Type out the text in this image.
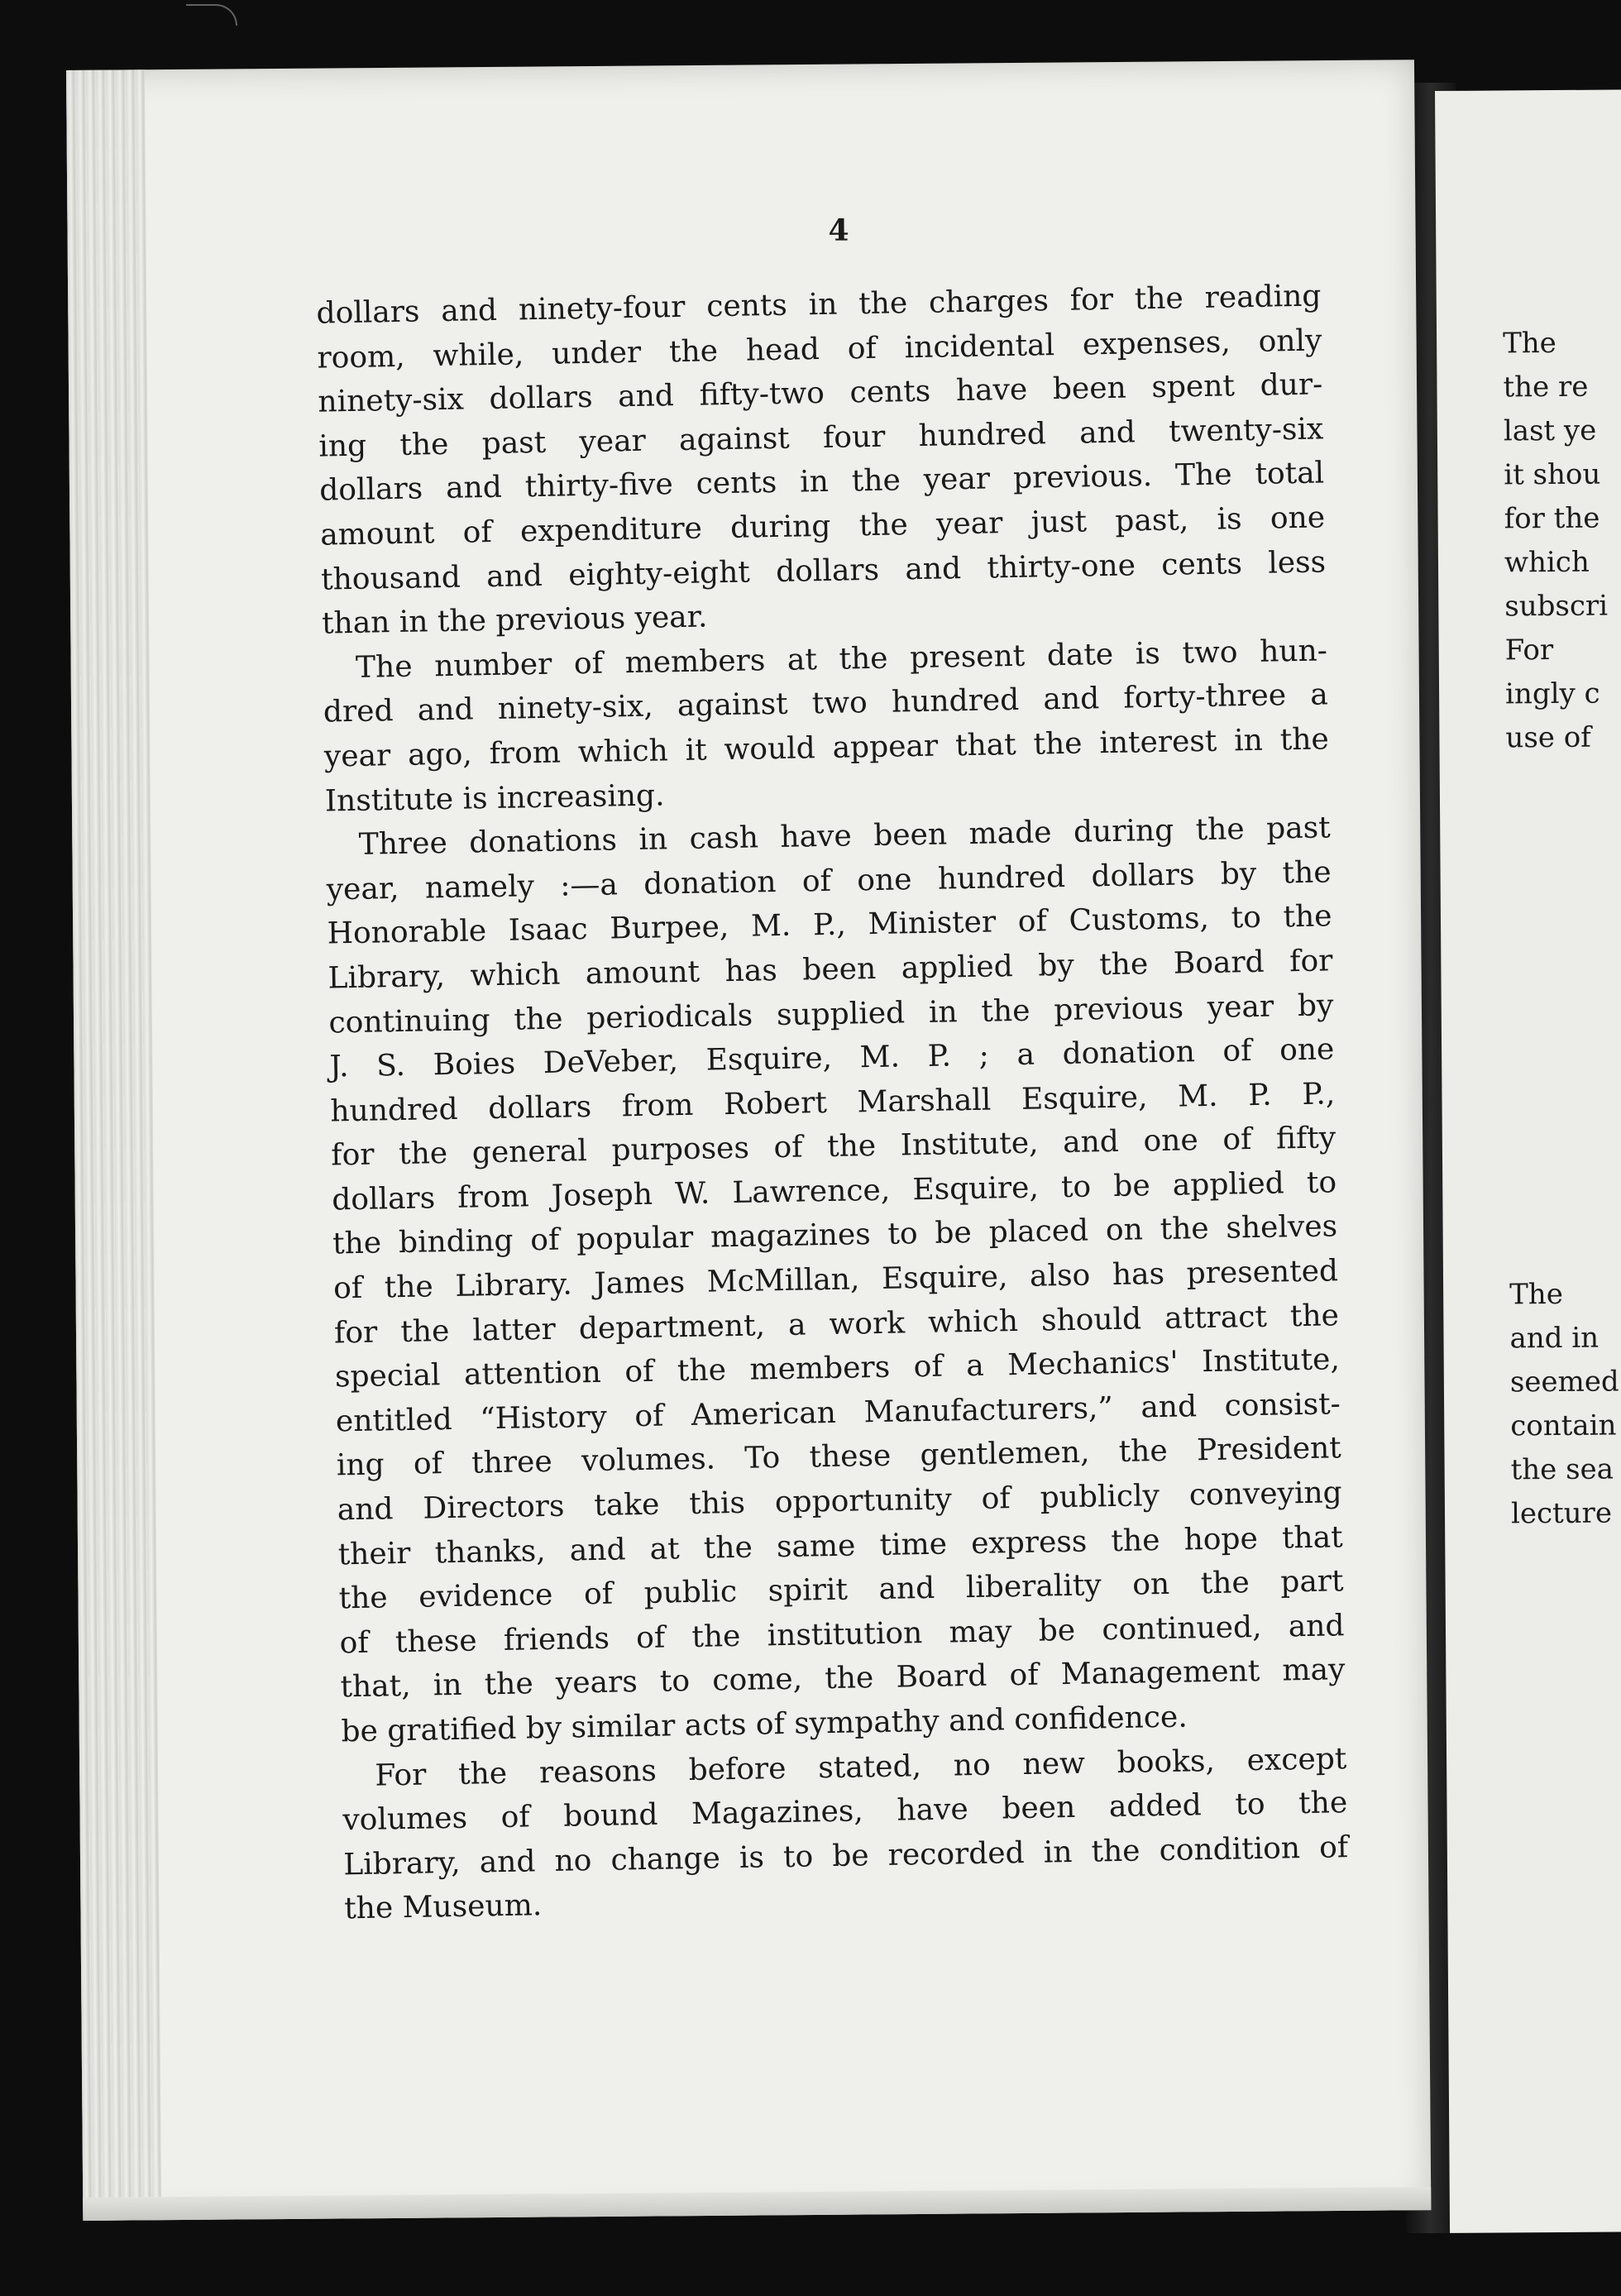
The
the re
last ye
it shou
for the
which
subscri
For
ingly c
use of
The
and in
seemed
contain
the sea
lecture
4
dollars and ninety-four cents in the charges for the reading
room, while, under the head of incidental expenses, only
ninety-six dollars and fifty-two cents have been spent dur-
ing the past year against four hundred and twenty-six
dollars and thirty-five cents in the year previous. The total
amount of expenditure during the year just past, is one
thousand and eighty-eight dollars and thirty-one cents less
than in the previous year.
The number of members at the present date is two hun-
dred and ninety-six, against two hundred and forty-three a
year ago, from which it would appear that the interest in the
Institute is increasing.
Three donations in cash have been made during the past
year, namely :—a donation of one hundred dollars by the
Honorable Isaac Burpee, M. P., Minister of Customs, to the
Library, which amount has been applied by the Board for
continuing the periodicals supplied in the previous year by
J. S. Boies DeVeber, Esquire, M. P. ; a donation of one
hundred dollars from Robert Marshall Esquire, M. P. P.,
for the general purposes of the Institute, and one of fifty
dollars from Joseph W. Lawrence, Esquire, to be applied to
the binding of popular magazines to be placed on the shelves
of the Library. James McMillan, Esquire, also has presented
for the latter department, a work which should attract the
special attention of the members of a Mechanics' Institute,
entitled “History of American Manufacturers,” and consist-
ing of three volumes. To these gentlemen, the President
and Directors take this opportunity of publicly conveying
their thanks, and at the same time express the hope that
the evidence of public spirit and liberality on the part
of these friends of the institution may be continued, and
that, in the years to come, the Board of Management may
be gratified by similar acts of sympathy and confidence.
For the reasons before stated, no new books, except
volumes of bound Magazines, have been added to the
Library, and no change is to be recorded in the condition of
the Museum.
